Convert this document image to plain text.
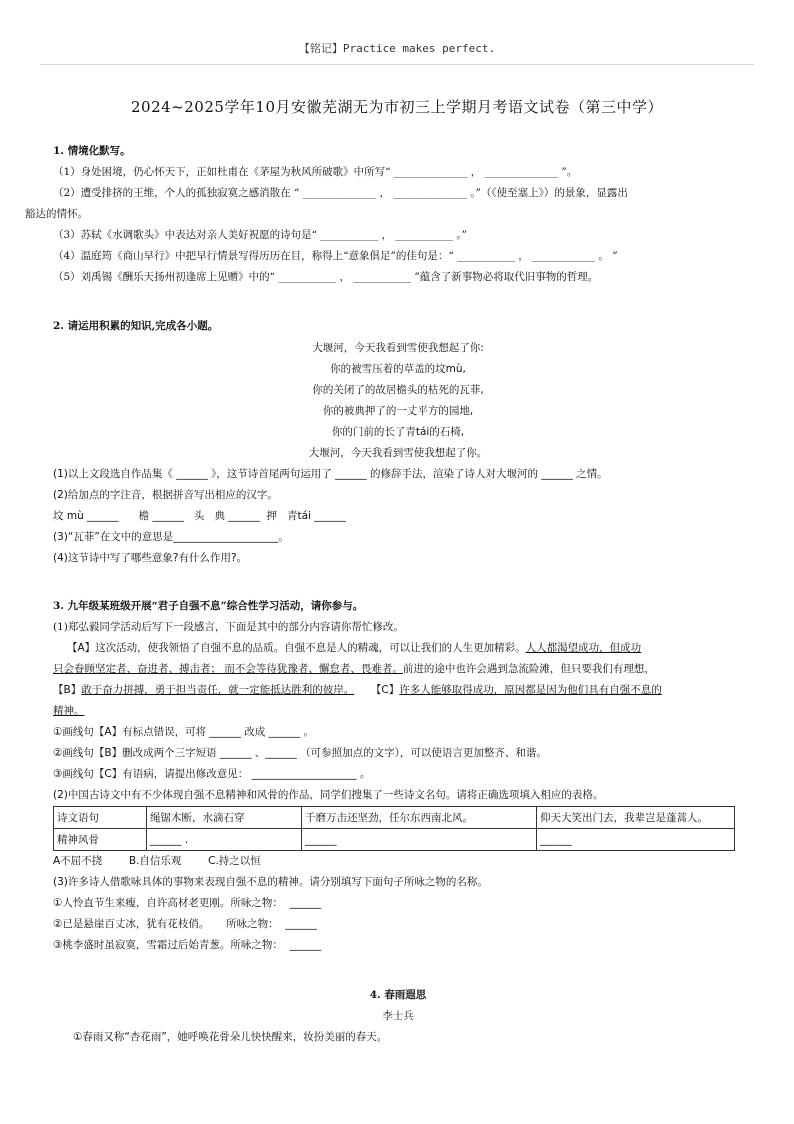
【铭记】Practice makes perfect.
2024~2025学年10月安徽芜湖无为市初三上学期月考语文试卷（第三中学）
1. 情境化默写。
（1）身处困境，仍心怀天下，正如杜甫在《茅屋为秋风所破歌》中所写“ ______________ ， ______________ ”。
（2）遭受排挤的王维，个人的孤独寂寞之感消散在 “ ______________ ， ______________ 。”（《使至塞上》）的景象，显露出
豁达的情怀。
（3）苏轼《水调歌头》中表达对亲人美好祝愿的诗句是“ ___________ ， ___________ 。”
（4）温庭筠《商山早行》中把早行情景写得历历在目，称得上“意象俱足”的佳句是：“ ___________ ， ____________ 。 ”
（5）刘禹锡《酬乐天扬州初逢席上见赠》中的“ ___________ ， ___________ ”蕴含了新事物必将取代旧事物的哲理。
2. 请运用积累的知识,完成各小题。
大堰河，今天我看到雪使我想起了你:
你的被雪压着的草盖的坟mù,
你的关闭了的故居檐头的枯死的瓦菲,
你的被典押了的一丈平方的园地,
你的门前的长了青tái的石椅,
大堰河，今天我看到雪使我想起了你。
(1)以上文段选自作品集《 ______ 》，这节诗首尾两句运用了 ______ 的修辞手法，渲染了诗人对大堰河的 ______ 之情。
(2)给加点的字注音，根据拼音写出相应的汉字。
坟 mù ______      檐 ______   头   典 ______  押   青tái ______
(3)“瓦菲”在文中的意思是____________________。
(4)这节诗中写了哪些意象?有什么作用?。
3. 九年级某班级开展“君子自强不息”综合性学习活动，请你参与。
(1)郑弘毅同学活动后写下一段感言，下面是其中的部分内容请你帮忙修改。
【A】这次活动，使我领悟了自强不息的品质。自强不息是人的精魂，可以让我们的人生更加精彩。人人都渴望成功，但成功
只会眷顾坚定者、奋进者、搏击者； 而不会等待犹豫者、懈怠者、畏难者。前进的途中也许会遇到急流险滩，但只要我们有理想，
【B】敢于奋力拼搏，勇于担当责任，就一定能抵达胜利的彼岸。     【C】许多人能够取得成功，原因都是因为他们具有自强不息的
精神。
①画线句【A】有标点错误，可将 ______ 改成 ______ 。
②画线句【B】删改成两个三字短语 ______ 、______ （可参照加点的文字），可以使语言更加整齐、和谐。
③画线句【C】有语病，请提出修改意见： ____________________ 。
(2)中国古诗文中有不少体现自强不息精神和风骨的作品，同学们搜集了一些诗文名句。请将正确选项填入相应的表格。
诗文语句	绳锯木断，水滴石穿	千磨万击还坚劲，任尔东西南北风。	仰天大笑出门去，我辈岂是蓬蒿人。
精神风骨	______ .	______	______
A不屈不挠        B.自信乐观        C.持之以恒
(3)许多诗人借歌咏具体的事物来表现自强不息的精神。请分别填写下面句子所咏之物的名称。
①人怜直节生来瘦，自许高材老更刚。所咏之物：  ______
②已是悬崖百丈冰，犹有花枝俏。     所咏之物：  ______
③桃李盛时虽寂寞，雪霜过后始青葱。所咏之物：  ______
4. 春雨遐思
李士兵
①春雨又称“杏花雨”，她呼唤花骨朵儿快快醒来，妆扮美丽的春天。
